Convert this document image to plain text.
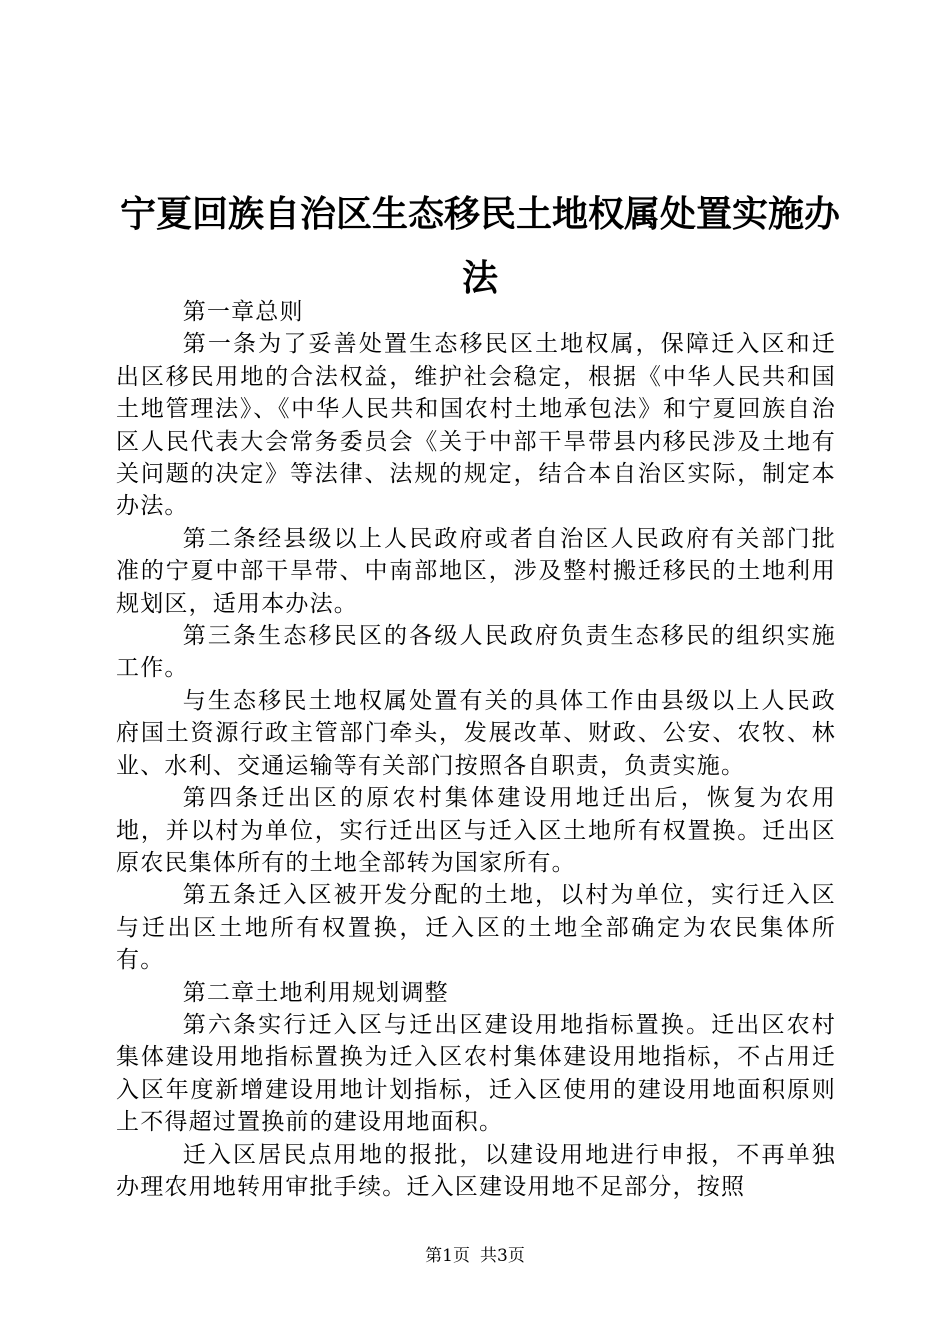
宁夏回族自治区生态移民土地权属处置实施办法

第一章总则

第一条为了妥善处置生态移民区土地权属，保障迁入区和迁出区移民用地的合法权益，维护社会稳定，根据《中华人民共和国土地管理法》、《中华人民共和国农村土地承包法》和宁夏回族自治区人民代表大会常务委员会《关于中部干旱带县内移民涉及土地有关问题的决定》等法律、法规的规定，结合本自治区实际，制定本办法。

第二条经县级以上人民政府或者自治区人民政府有关部门批准的宁夏中部干旱带、中南部地区，涉及整村搬迁移民的土地利用规划区，适用本办法。

第三条生态移民区的各级人民政府负责生态移民的组织实施工作。

与生态移民土地权属处置有关的具体工作由县级以上人民政府国土资源行政主管部门牵头，发展改革、财政、公安、农牧、林业、水利、交通运输等有关部门按照各自职责，负责实施。

第四条迁出区的原农村集体建设用地迁出后，恢复为农用地，并以村为单位，实行迁出区与迁入区土地所有权置换。迁出区原农民集体所有的土地全部转为国家所有。

第五条迁入区被开发分配的土地，以村为单位，实行迁入区与迁出区土地所有权置换，迁入区的土地全部确定为农民集体所有。

第二章土地利用规划调整

第六条实行迁入区与迁出区建设用地指标置换。迁出区农村集体建设用地指标置换为迁入区农村集体建设用地指标，不占用迁入区年度新增建设用地计划指标，迁入区使用的建设用地面积原则上不得超过置换前的建设用地面积。

迁入区居民点用地的报批，以建设用地进行申报，不再单独办理农用地转用审批手续。迁入区建设用地不足部分，按照

第1页 共3页
